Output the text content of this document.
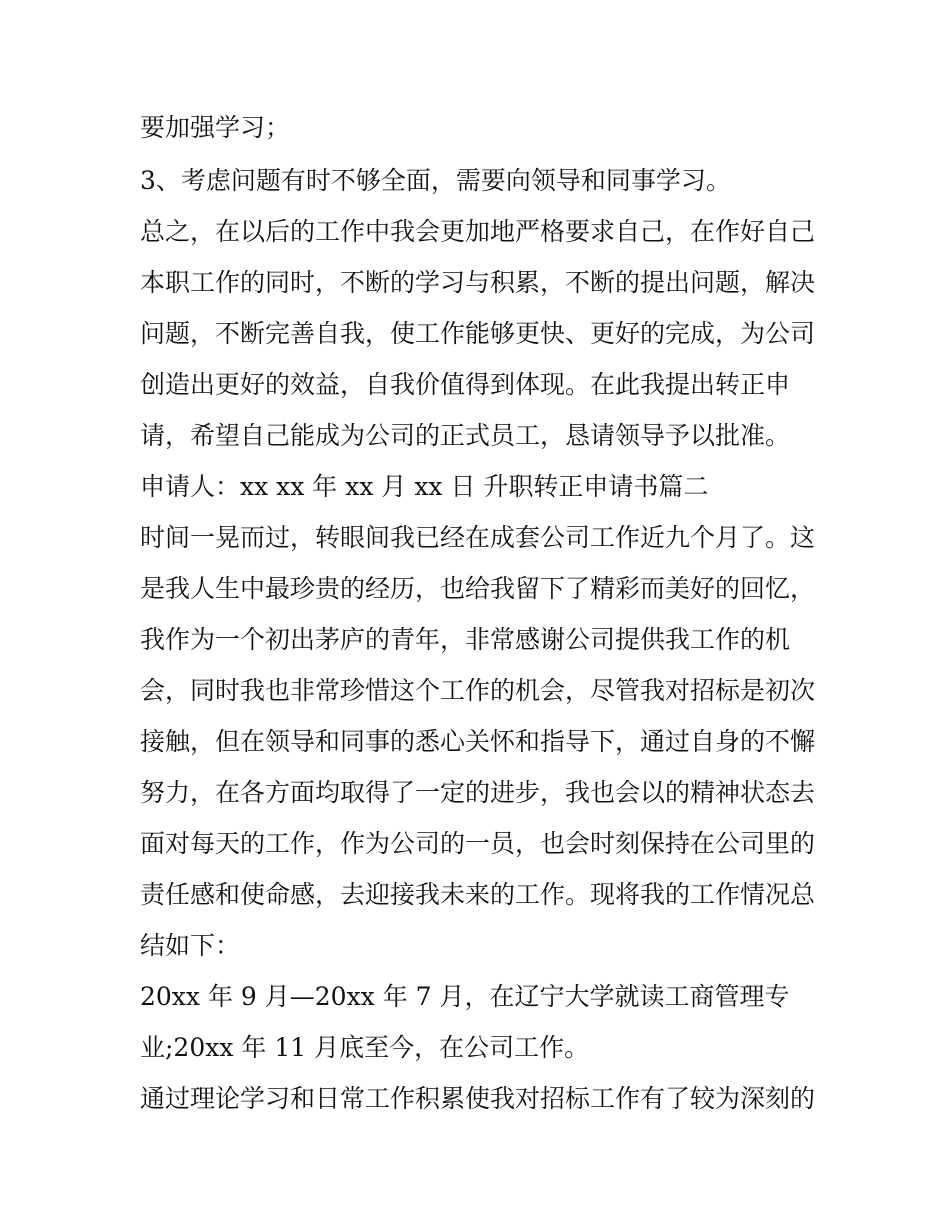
要加强学习；
3、考虑问题有时不够全面，需要向领导和同事学习。
总之，在以后的工作中我会更加地严格要求自己，在作好自己
本职工作的同时，不断的学习与积累，不断的提出问题，解决
问题，不断完善自我，使工作能够更快、更好的完成，为公司
创造出更好的效益，自我价值得到体现。在此我提出转正申
请，希望自己能成为公司的正式员工，恳请领导予以批准。
申请人：xx xx 年 xx 月 xx 日 升职转正申请书篇二
时间一晃而过，转眼间我已经在成套公司工作近九个月了。这
是我人生中最珍贵的经历，也给我留下了精彩而美好的回忆，
我作为一个初出茅庐的青年，非常感谢公司提供我工作的机
会，同时我也非常珍惜这个工作的机会，尽管我对招标是初次
接触，但在领导和同事的悉心关怀和指导下，通过自身的不懈
努力，在各方面均取得了一定的进步，我也会以的精神状态去
面对每天的工作，作为公司的一员，也会时刻保持在公司里的
责任感和使命感，去迎接我未来的工作。现将我的工作情况总
结如下：
20xx 年 9 月—20xx 年 7 月，在辽宁大学就读工商管理专
业;20xx 年 11 月底至今，在公司工作。
通过理论学习和日常工作积累使我对招标工作有了较为深刻的
